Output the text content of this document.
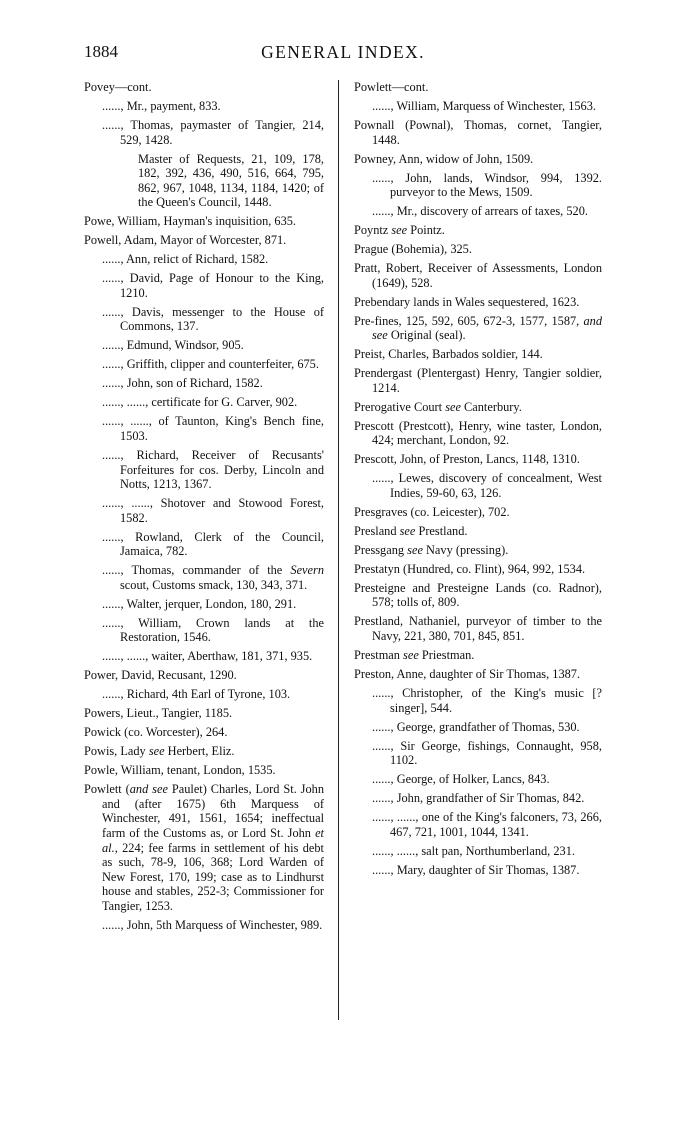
1884	GENERAL INDEX.

Povey—cont.

......, Mr., payment, 833.

......, Thomas, paymaster of Tangier, 214, 529, 1428.

Master of Requests, 21, 109, 178, 182, 392, 436, 490, 516, 664, 795, 862, 967, 1048, 1134, 1184, 1420; of the Queen's Council, 1448.

Powe, William, Hayman's inquisition, 635.

Powell, Adam, Mayor of Worcester, 871.

......, Ann, relict of Richard, 1582.

......, David, Page of Honour to the King, 1210.

......, Davis, messenger to the House of Commons, 137.

......, Edmund, Windsor, 905.

......, Griffith, clipper and counterfeiter, 675.

......, John, son of Richard, 1582.

......, ......, certificate for G. Carver, 902.

......, ......, of Taunton, King's Bench fine, 1503.

......, Richard, Receiver of Recusants' Forfeitures for cos. Derby, Lincoln and Notts, 1213, 1367.

......, ......, Shotover and Stowood Forest, 1582.

......, Rowland, Clerk of the Council, Jamaica, 782.

......, Thomas, commander of the Severn scout, Customs smack, 130, 343, 371.

......, Walter, jerquer, London, 180, 291.

......, William, Crown lands at the Restoration, 1546.

......, ......, waiter, Aberthaw, 181, 371, 935.

Power, David, Recusant, 1290.

......, Richard, 4th Earl of Tyrone, 103.

Powers, Lieut., Tangier, 1185.

Powick (co. Worcester), 264.

Powis, Lady see Herbert, Eliz.

Powle, William, tenant, London, 1535.

Powlett (and see Paulet) Charles, Lord St. John and (after 1675) 6th Marquess of Winchester, 491, 1561, 1654; ineffectual farm of the Customs as, or Lord St. John et al., 224; fee farms in settlement of his debt as such, 78-9, 106, 368; Lord Warden of New Forest, 170, 199; case as to Lindhurst house and stables, 252-3; Commissioner for Tangier, 1253.

......, John, 5th Marquess of Winchester, 989.

Powlett—cont.

......, William, Marquess of Winchester, 1563.

Pownall (Pownal), Thomas, cornet, Tangier, 1448.

Powney, Ann, widow of John, 1509.

......, John, lands, Windsor, 994, 1392. purveyor to the Mews, 1509.

......, Mr., discovery of arrears of taxes, 520.

Poyntz see Pointz.

Prague (Bohemia), 325.

Pratt, Robert, Receiver of Assessments, London (1649), 528.

Prebendary lands in Wales sequestered, 1623.

Pre-fines, 125, 592, 605, 672-3, 1577, 1587, and see Original (seal).

Preist, Charles, Barbados soldier, 144.

Prendergast (Plentergast) Henry, Tangier soldier, 1214.

Prerogative Court see Canterbury.

Prescott (Prestcott), Henry, wine taster, London, 424; merchant, London, 92.

Prescott, John, of Preston, Lancs, 1148, 1310.

......, Lewes, discovery of concealment, West Indies, 59-60, 63, 126.

Presgraves (co. Leicester), 702.

Presland see Prestland.

Pressgang see Navy (pressing).

Prestatyn (Hundred, co. Flint), 964, 992, 1534.

Presteigne and Presteigne Lands (co. Radnor), 578; tolls of, 809.

Prestland, Nathaniel, purveyor of timber to the Navy, 221, 380, 701, 845, 851.

Prestman see Priestman.

Preston, Anne, daughter of Sir Thomas, 1387.

......, Christopher, of the King's music [? singer], 544.

......, George, grandfather of Thomas, 530.

......, Sir George, fishings, Connaught, 958, 1102.

......, George, of Holker, Lancs, 843.

......, John, grandfather of Sir Thomas, 842.

......, ......, one of the King's falconers, 73, 266, 467, 721, 1001, 1044, 1341.

......, ......, salt pan, Northumberland, 231.

......, Mary, daughter of Sir Thomas, 1387.
